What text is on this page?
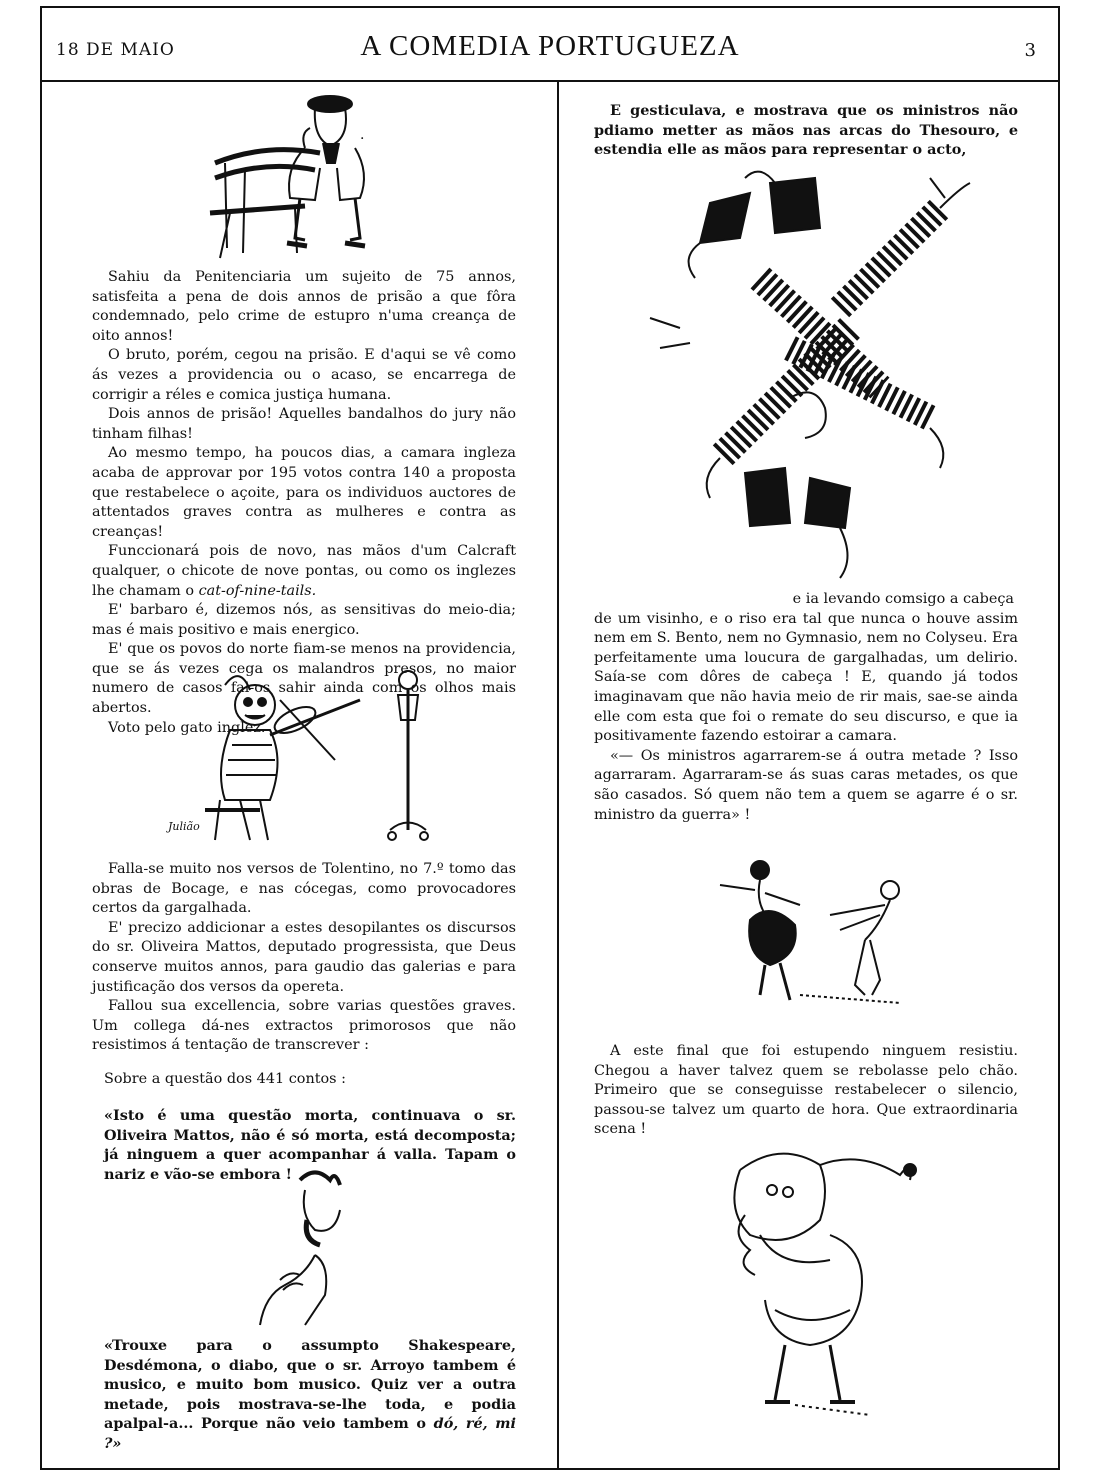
18 DE MAIO	A COMEDIA PORTUGUEZA	3
·

Sahiu da Penitenciaria um sujeito de 75 annos, satisfeita a pena de dois annos de prisão a que fôra condemnado, pelo crime de estupro n'uma creança de oito annos!

O bruto, porém, cegou na prisão. E d'aqui se vê como ás vezes a providencia ou o acaso, se encarrega de corrigir a réles e comica justiça humana.

Dois annos de prisão! Aquelles bandalhos do jury não tinham filhas!

Ao mesmo tempo, ha poucos dias, a camara ingleza acaba de approvar por 195 votos contra 140 a proposta que restabelece o açoite, para os individuos auctores de attentados graves contra as mulheres e contra as creanças!

Funccionará pois de novo, nas mãos d'um Calcraft qualquer, o chicote de nove pontas, ou como os inglezes lhe chamam o cat-of-nine-tails.

E' barbaro é, dizemos nós, as sensitivas do meio-dia; mas é mais positivo e mais energico.

E' que os povos do norte fiam-se menos na providencia, que se ás vezes cega os malandros presos, no maior numero de casos fal-os sahir ainda com os olhos mais abertos.

Voto pelo gato inglez.

Julião

Falla-se muito nos versos de Tolentino, no 7.º tomo das obras de Bocage, e nas cócegas, como provocadores certos da gargalhada.

E' precizo addicionar a estes desopilantes os discursos do sr. Oliveira Mattos, deputado progressista, que Deus conserve muitos annos, para gaudio das galerias e para justificação dos versos da opereta.

Fallou sua excellencia, sobre varias questões graves. Um collega dá-nes extractos primorosos que não resistimos á tentação de transcrever :

Sobre a questão dos 441 contos :

«Isto é uma questão morta, continuava o sr. Oliveira Mattos, não é só morta, está decomposta; já ninguem a quer acompanhar á valla. Tapam o nariz e vão-se embora !

«Trouxe para o assumpto Shakespeare, Desdémona, o diabo, que o sr. Arroyo tambem é musico, e muito bom musico. Quiz ver a outra metade, pois mostrava-se-lhe toda, e podia apalpal-a... Porque não veio tambem o dó, ré, mi ?»

E gesticulava, e mostrava que os ministros não pdiamo metter as mãos nas arcas do Thesouro, e estendia elle as mãos para representar o acto,

e ia levando comsigo a cabeça

de um visinho, e o riso era tal que nunca o houve assim nem em S. Bento, nem no Gymnasio, nem no Colyseu. Era perfeitamente uma loucura de gargalhadas, um delirio. Saía-se com dôres de cabeça ! E, quando já todos imaginavam que não havia meio de rir mais, sae-se ainda elle com esta que foi o remate do seu discurso, e que ia positivamente fazendo estoirar a camara.

«— Os ministros agarrarem-se á outra metade ? Isso agarraram. Agarraram-se ás suas caras metades, os que são casados. Só quem não tem a quem se agarre é o sr. ministro da guerra» !

A este final que foi estupendo ninguem resistiu. Chegou a haver talvez quem se rebolasse pelo chão. Primeiro que se conseguisse restabelecer o silencio, passou-se talvez um quarto de hora. Que extraordinaria scena !
